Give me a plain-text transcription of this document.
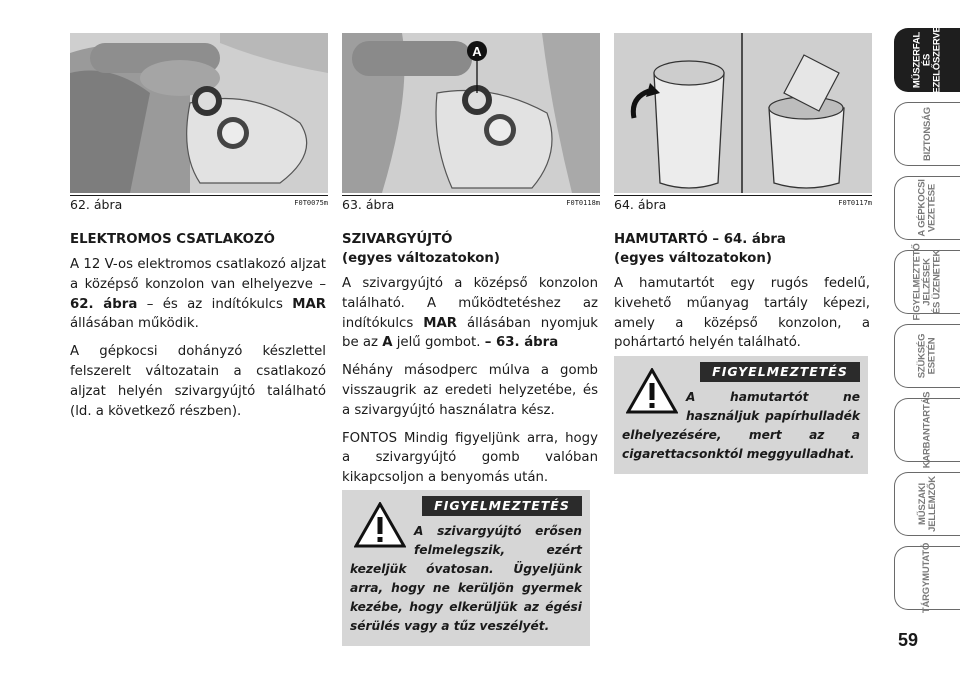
62. ábra	F0T0075m
A
63. ábra	F0T0118m 64. ábra	F0T0117m
ELEKTROMOS CSATLAKOZÓ

A 12 V-os elektromos csatlakozó aljzat a középső konzolon van elhelyezve – 62. ábra – és az indítókulcs MAR állásában működik.

A gépkocsi dohányzó készlettel felszerelt változatain a csatlakozó aljzat helyén szivargyújtó található (ld. a következő részben).

SZIVARGYÚJTÓ
(egyes változatokon)

A szivargyújtó a középső konzolon található. A működtetéshez az indítókulcs MAR állásában nyomjuk be az A jelű gombot. – 63. ábra

Néhány másodperc múlva a gomb visszaugrik az eredeti helyzetébe, és a szivargyújtó használatra kész.

FONTOS Mindig figyeljünk arra, hogy a szivargyújtó gomb valóban kikapcsoljon a benyomás után.

FIGYELMEZTETÉS
A szivargyújtó erősen felmelegszik, ezért kezeljük óvatosan. Ügyeljünk arra, hogy ne kerüljön gyermek kezébe, hogy elkerüljük az égési sérülés vagy a tűz veszélyét.
HAMUTARTÓ – 64. ábra
(egyes változatokon)

A hamutartót egy rugós fedelű, kivehető műanyag tartály képezi, amely a középső konzolon, a pohártartó helyén található.

FIGYELMEZTETÉS
A hamutartót ne használjuk papírhulladék elhelyezésére, mert az a cigarettacsonktól meggyulladhat.
MŰSZERFAL
ÉS
KEZELŐSZERVEK
BIZTONSÁG
A GÉPKOCSI
VEZETÉSE
FIGYELMEZTETŐ
JELZÉSEK
ÉS ÜZENETEK
SZÜKSÉG
ESETÉN
KARBANTARTÁS
MŰSZAKI
JELLEMZŐK
TÁRGYMUTATÓ
59
